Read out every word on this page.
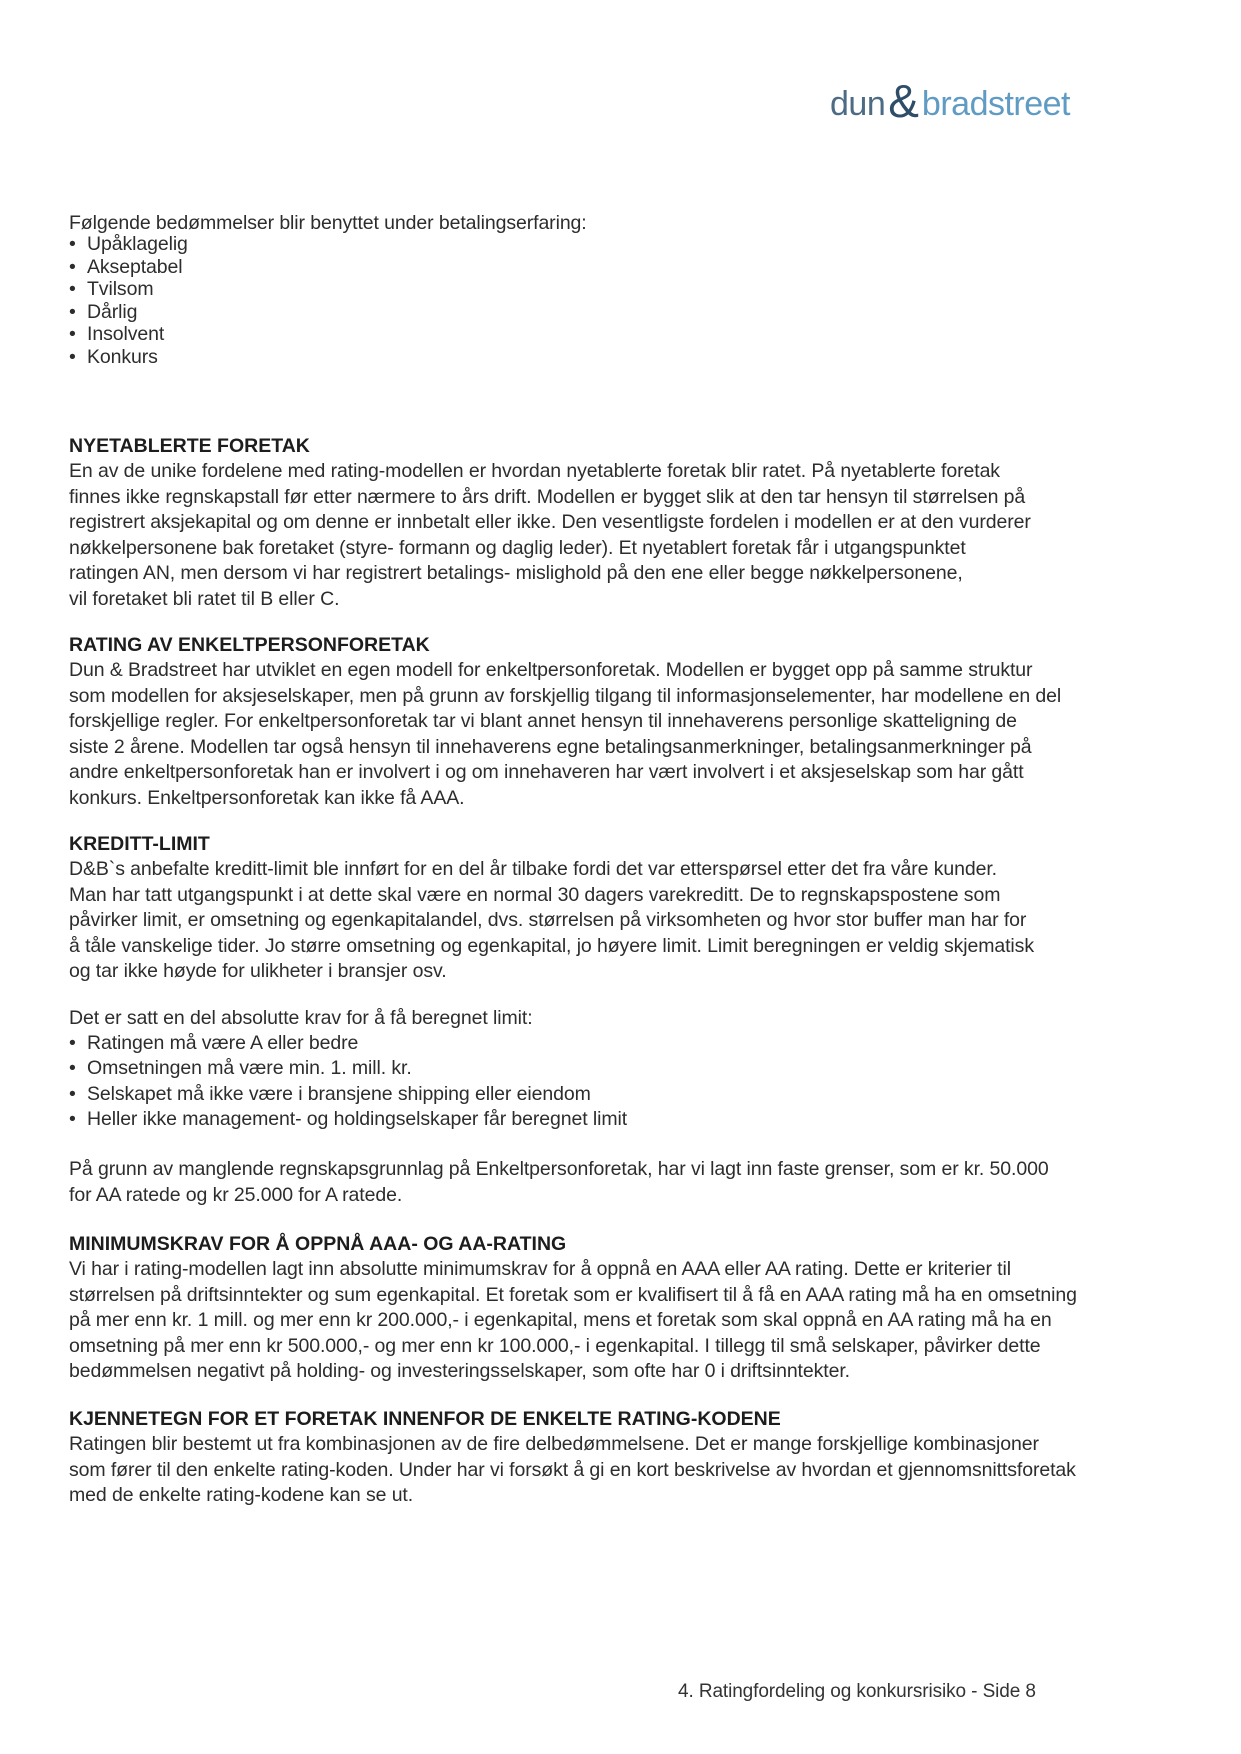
dun & bradstreet
Følgende bedømmelser blir benyttet under betalingserfaring:
• Upåklagelig
• Akseptabel
• Tvilsom
• Dårlig
• Insolvent
• Konkurs
NYETABLERTE FORETAK
En av de unike fordelene med rating-modellen er hvordan nyetablerte foretak blir ratet. På nyetablerte foretak
finnes ikke regnskapstall før etter nærmere to års drift. Modellen er bygget slik at den tar hensyn til størrelsen på
registrert aksjekapital og om denne er innbetalt eller ikke. Den vesentligste fordelen i modellen er at den vurderer
nøkkelpersonene bak foretaket (styre- formann og daglig leder). Et nyetablert foretak får i utgangspunktet
ratingen AN, men dersom vi har registrert betalings- mislighold på den ene eller begge nøkkelpersonene,
vil foretaket bli ratet til B eller C.
RATING AV ENKELTPERSONFORETAK
Dun & Bradstreet har utviklet en egen modell for enkeltpersonforetak. Modellen er bygget opp på samme struktur
som modellen for aksjeselskaper, men på grunn av forskjellig tilgang til informasjonselementer, har modellene en del
forskjellige regler. For enkeltpersonforetak tar vi blant annet hensyn til innehaverens personlige skatteligning de
siste 2 årene. Modellen tar også hensyn til innehaverens egne betalingsanmerkninger, betalingsanmerkninger på
andre enkeltpersonforetak han er involvert i og om innehaveren har vært involvert i et aksjeselskap som har gått
konkurs. Enkeltpersonforetak kan ikke få AAA.
KREDITT-LIMIT
D&B`s anbefalte kreditt-limit ble innført for en del år tilbake fordi det var etterspørsel etter det fra våre kunder.
Man har tatt utgangspunkt i at dette skal være en normal 30 dagers varekreditt. De to regnskapspostene som
påvirker limit, er omsetning og egenkapitalandel, dvs. størrelsen på virksomheten og hvor stor buffer man har for
å tåle vanskelige tider. Jo større omsetning og egenkapital, jo høyere limit. Limit beregningen er veldig skjematisk
og tar ikke høyde for ulikheter i bransjer osv.
Det er satt en del absolutte krav for å få beregnet limit:
• Ratingen må være A eller bedre
• Omsetningen må være min. 1. mill. kr.
• Selskapet må ikke være i bransjene shipping eller eiendom
• Heller ikke management- og holdingselskaper får beregnet limit
På grunn av manglende regnskapsgrunnlag på Enkeltpersonforetak, har vi lagt inn faste grenser, som er kr. 50.000
for AA ratede og kr 25.000 for A ratede.
MINIMUMSKRAV FOR Å OPPNÅ AAA- OG AA-RATING
Vi har i rating-modellen lagt inn absolutte minimumskrav for å oppnå en AAA eller AA rating. Dette er kriterier til
størrelsen på driftsinntekter og sum egenkapital. Et foretak som er kvalifisert til å få en AAA rating må ha en omsetning
på mer enn kr. 1 mill. og mer enn kr 200.000,- i egenkapital, mens et foretak som skal oppnå en AA rating må ha en
omsetning på mer enn kr 500.000,- og mer enn kr 100.000,- i egenkapital. I tillegg til små selskaper, påvirker dette
bedømmelsen negativt på holding- og investeringsselskaper, som ofte har 0 i driftsinntekter.
KJENNETEGN FOR ET FORETAK INNENFOR DE ENKELTE RATING-KODENE
Ratingen blir bestemt ut fra kombinasjonen av de fire delbedømmelsene. Det er mange forskjellige kombinasjoner
som fører til den enkelte rating-koden. Under har vi forsøkt å gi en kort beskrivelse av hvordan et gjennomsnittsforetak
med de enkelte rating-kodene kan se ut.
4. Ratingfordeling og konkursrisiko - Side 8
